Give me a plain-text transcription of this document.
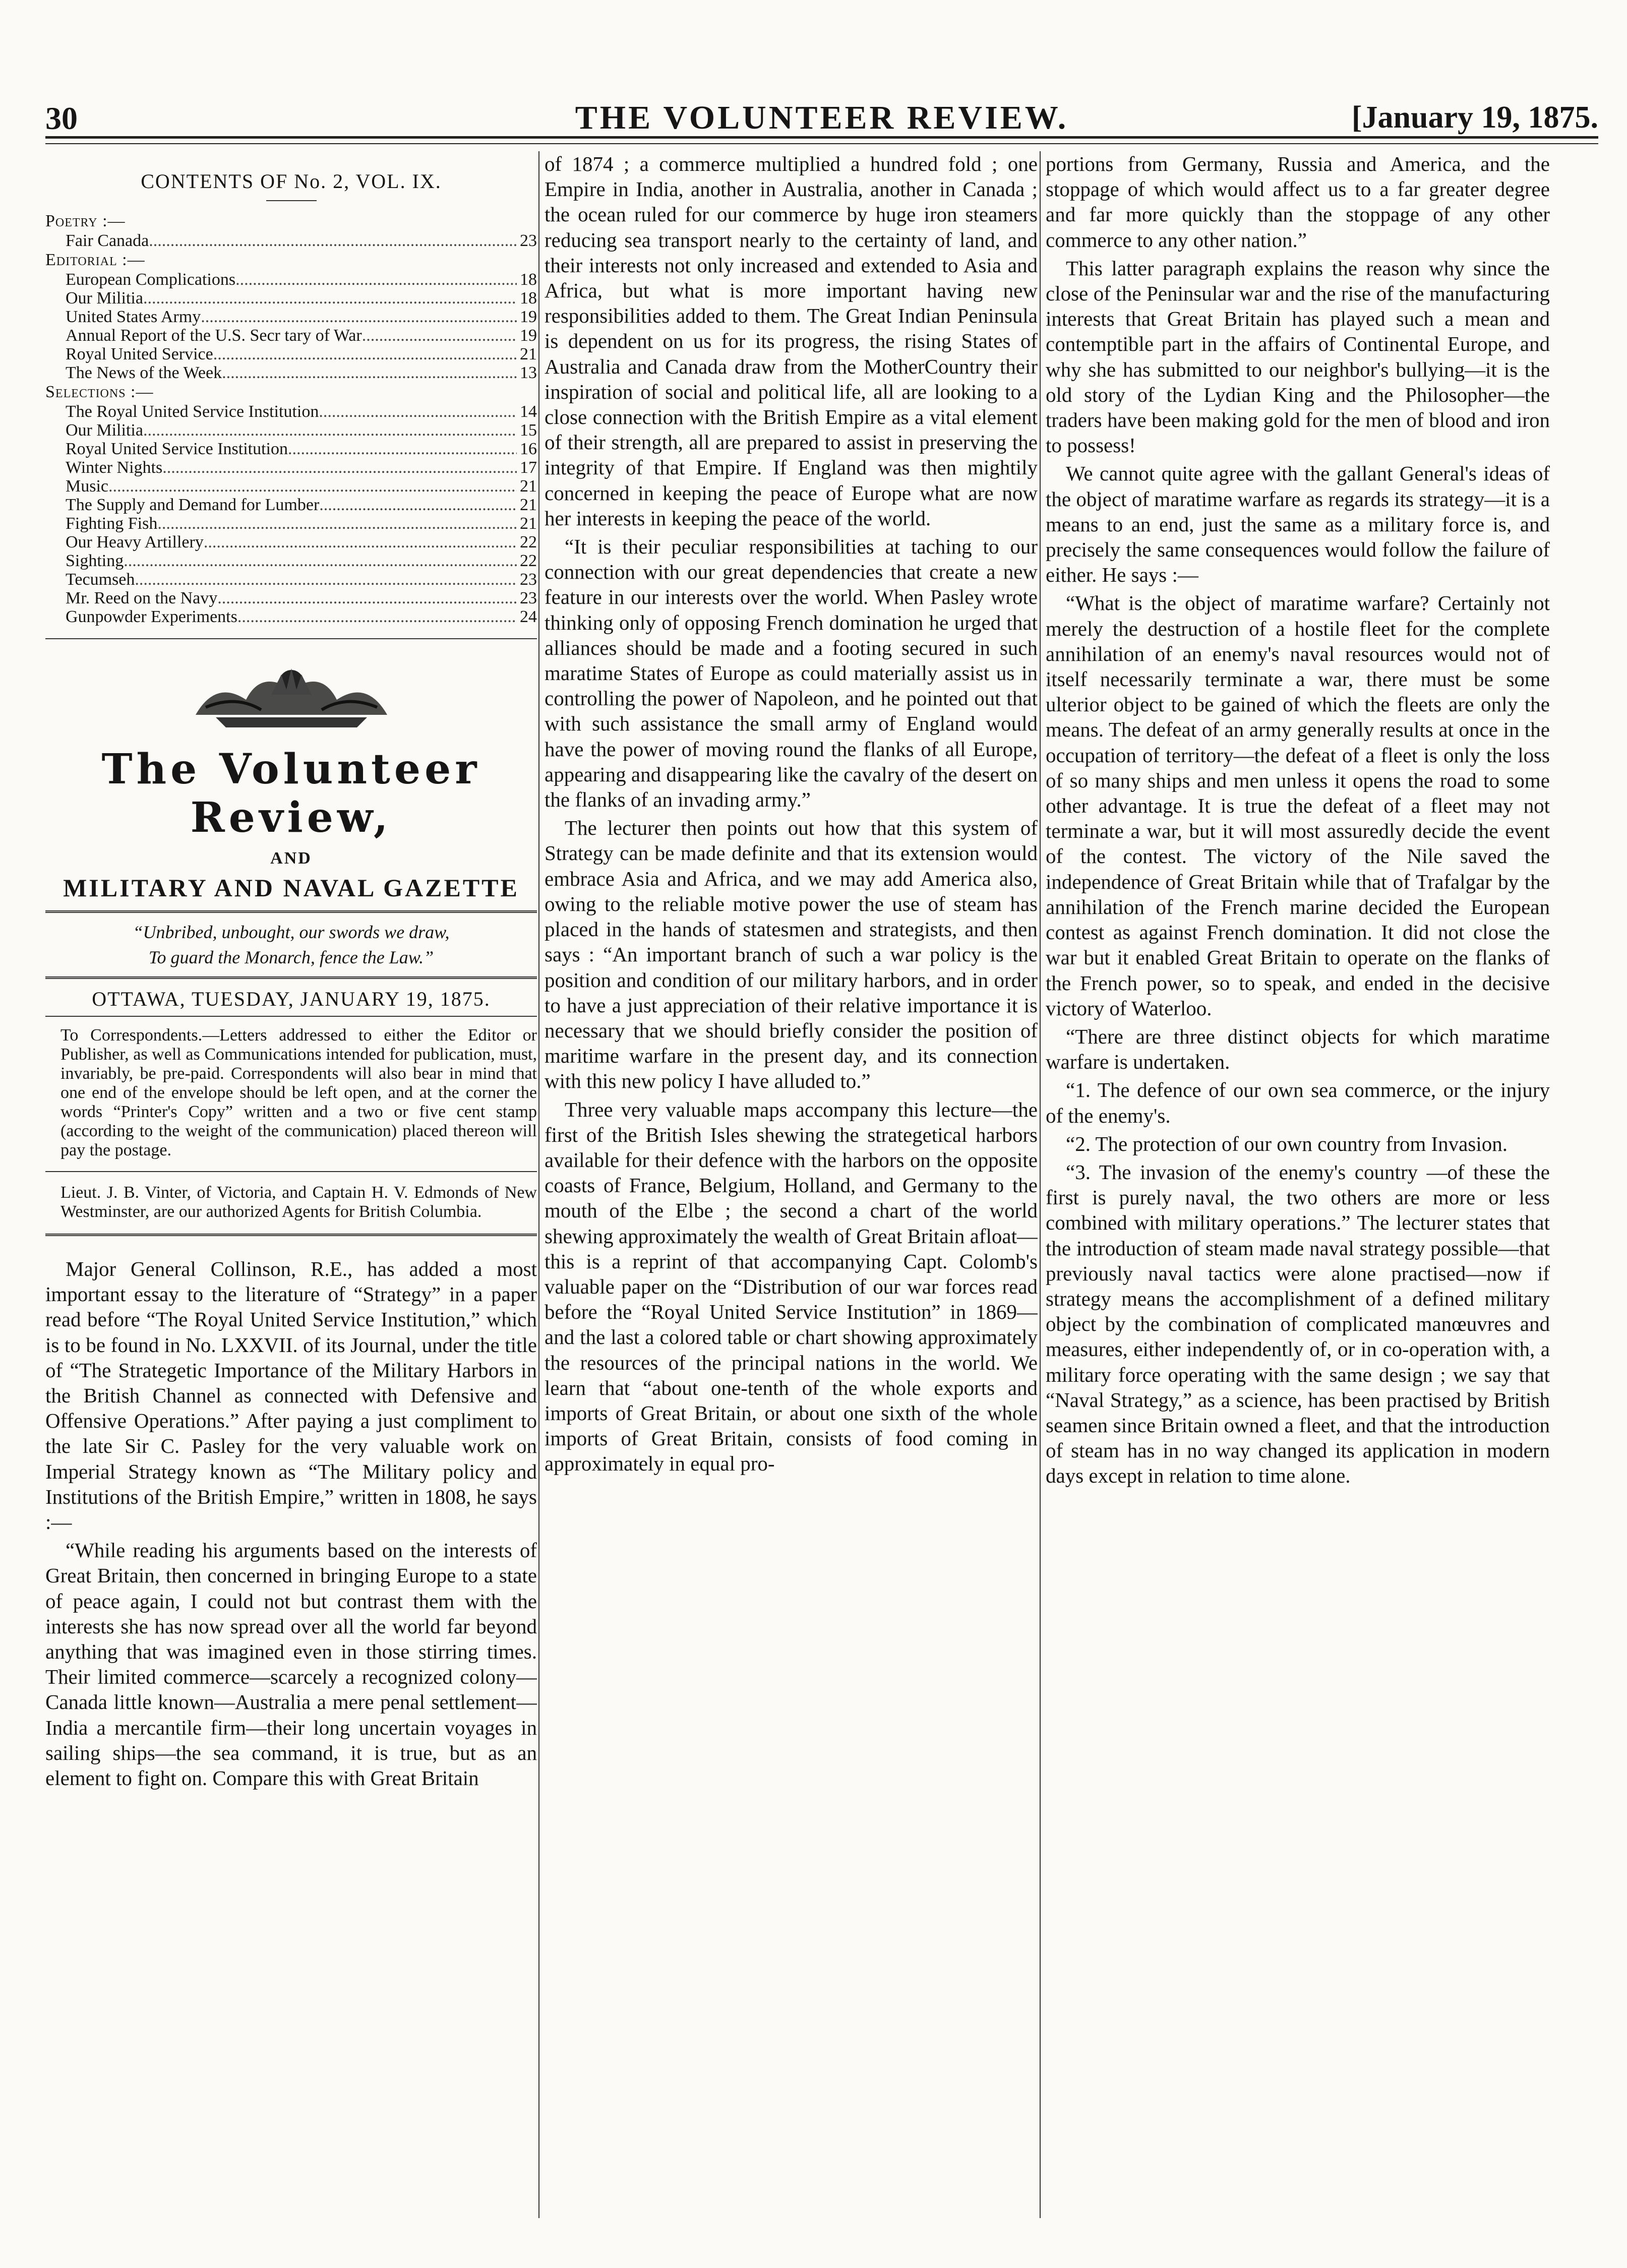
30	THE VOLUNTEER REVIEW.	[January 19, 1875.
CONTENTS OF No. 2, VOL. IX.
Poetry :—
Fair Canada .....	23
Editorial :—
European Complications .....	18
Our Militia .....	18
United States Army .....	19
Annual Report of the U.S. Secr tary of War .....	19
Royal United Service .....	21
The News of the Week .....	13
Selections :—
The Royal United Service Institution .....	14
Our Militia .....	15
Royal United Service Institution .....	16
Winter Nights .....	17
Music .....	21
The Supply and Demand for Lumber .....	21
Fighting Fish .....	21
Our Heavy Artillery .....	22
Sighting .....	22
Tecumseh .....	23
Mr. Reed on the Navy .....	23
Gunpowder Experiments .....	24
The Volunteer Review,
AND
MILITARY AND NAVAL GAZETTE
“Unbribed, unbought, our swords we draw,
To guard the Monarch, fence the Law.”
OTTAWA, TUESDAY, JANUARY 19, 1875.
To Correspondents.—Letters addressed to either the Editor or Publisher, as well as Communications intended for publication, must, invariably, be pre-paid. Correspondents will also bear in mind that one end of the envelope should be left open, and at the corner the words “Printer's Copy” written and a two or five cent stamp (according to the weight of the communication) placed thereon will pay the postage.
Lieut. J. B. Vinter, of Victoria, and Captain H. V. Edmonds of New Westminster, are our authorized Agents for British Columbia.

Major General Collinson, R.E., has added a most important essay to the literature of “Strategy” in a paper read before “The Royal United Service Institution,” which is to be found in No. LXXVII. of its Journal, under the title of “The Strategetic Importance of the Military Harbors in the British Channel as connected with Defensive and Offensive Operations.” After paying a just compliment to the late Sir C. Pasley for the very valuable work on Imperial Strategy known as “The Military policy and Institutions of the British Empire,” written in 1808, he says :—

“While reading his arguments based on the interests of Great Britain, then concerned in bringing Europe to a state of peace again, I could not but contrast them with the interests she has now spread over all the world far beyond anything that was imagined even in those stirring times. Their limited commerce—scarcely a recognized colony—Canada little known—Australia a mere penal settlement—India a mercantile firm—their long uncertain voyages in sailing ships—the sea command, it is true, but as an element to fight on. Compare this with Great Britain

of 1874 ; a commerce multiplied a hundred fold ; one Empire in India, another in Australia, another in Canada ; the ocean ruled for our commerce by huge iron steamers reducing sea transport nearly to the certainty of land, and their interests not only increased and extended to Asia and Africa, but what is more important having new responsibilities added to them. The Great Indian Peninsula is dependent on us for its progress, the rising States of Australia and Canada draw from the MotherCountry their inspiration of social and political life, all are looking to a close connection with the British Empire as a vital element of their strength, all are prepared to assist in preserving the integrity of that Empire. If England was then mightily concerned in keeping the peace of Europe what are now her interests in keeping the peace of the world.

“It is their peculiar responsibilities at taching to our connection with our great dependencies that create a new feature in our interests over the world. When Pasley wrote thinking only of opposing French domination he urged that alliances should be made and a footing secured in such maratime States of Europe as could materially assist us in controlling the power of Napoleon, and he pointed out that with such assistance the small army of England would have the power of moving round the flanks of all Europe, appearing and disappearing like the cavalry of the desert on the flanks of an invading army.”

The lecturer then points out how that this system of Strategy can be made definite and that its extension would embrace Asia and Africa, and we may add America also, owing to the reliable motive power the use of steam has placed in the hands of statesmen and strategists, and then says : “An important branch of such a war policy is the position and condition of our military harbors, and in order to have a just appreciation of their relative importance it is necessary that we should briefly consider the position of maritime warfare in the present day, and its connection with this new policy I have alluded to.”

Three very valuable maps accompany this lecture—the first of the British Isles shewing the strategetical harbors available for their defence with the harbors on the opposite coasts of France, Belgium, Holland, and Germany to the mouth of the Elbe ; the second a chart of the world shewing approximately the wealth of Great Britain afloat—this is a reprint of that accompanying Capt. Colomb's valuable paper on the “Distribution of our war forces read before the “Royal United Service Institution” in 1869—and the last a colored table or chart showing approximately the resources of the principal nations in the world. We learn that “about one-tenth of the whole exports and imports of Great Britain, or about one sixth of the whole imports of Great Britain, consists of food coming in approximately in equal pro-

portions from Germany, Russia and America, and the stoppage of which would affect us to a far greater degree and far more quickly than the stoppage of any other commerce to any other nation.”

This latter paragraph explains the reason why since the close of the Peninsular war and the rise of the manufacturing interests that Great Britain has played such a mean and contemptible part in the affairs of Continental Europe, and why she has submitted to our neighbor's bullying—it is the old story of the Lydian King and the Philosopher—the traders have been making gold for the men of blood and iron to possess!

We cannot quite agree with the gallant General's ideas of the object of maratime warfare as regards its strategy—it is a means to an end, just the same as a military force is, and precisely the same consequences would follow the failure of either. He says :—

“What is the object of maratime warfare? Certainly not merely the destruction of a hostile fleet for the complete annihilation of an enemy's naval resources would not of itself necessarily terminate a war, there must be some ulterior object to be gained of which the fleets are only the means. The defeat of an army generally results at once in the occupation of territory—the defeat of a fleet is only the loss of so many ships and men unless it opens the road to some other advantage. It is true the defeat of a fleet may not terminate a war, but it will most assuredly decide the event of the contest. The victory of the Nile saved the independence of Great Britain while that of Trafalgar by the annihilation of the French marine decided the European contest as against French domination. It did not close the war but it enabled Great Britain to operate on the flanks of the French power, so to speak, and ended in the decisive victory of Waterloo.

“There are three distinct objects for which maratime warfare is undertaken.

“1. The defence of our own sea commerce, or the injury of the enemy's.

“2. The protection of our own country from Invasion.

“3. The invasion of the enemy's country —of these the first is purely naval, the two others are more or less combined with military operations.” The lecturer states that the introduction of steam made naval strategy possible—that previously naval tactics were alone practised—now if strategy means the accomplishment of a defined military object by the combination of complicated manœuvres and measures, either independently of, or in co-operation with, a military force operating with the same design ; we say that “Naval Strategy,” as a science, has been practised by British seamen since Britain owned a fleet, and that the introduction of steam has in no way changed its application in modern days except in relation to time alone.
